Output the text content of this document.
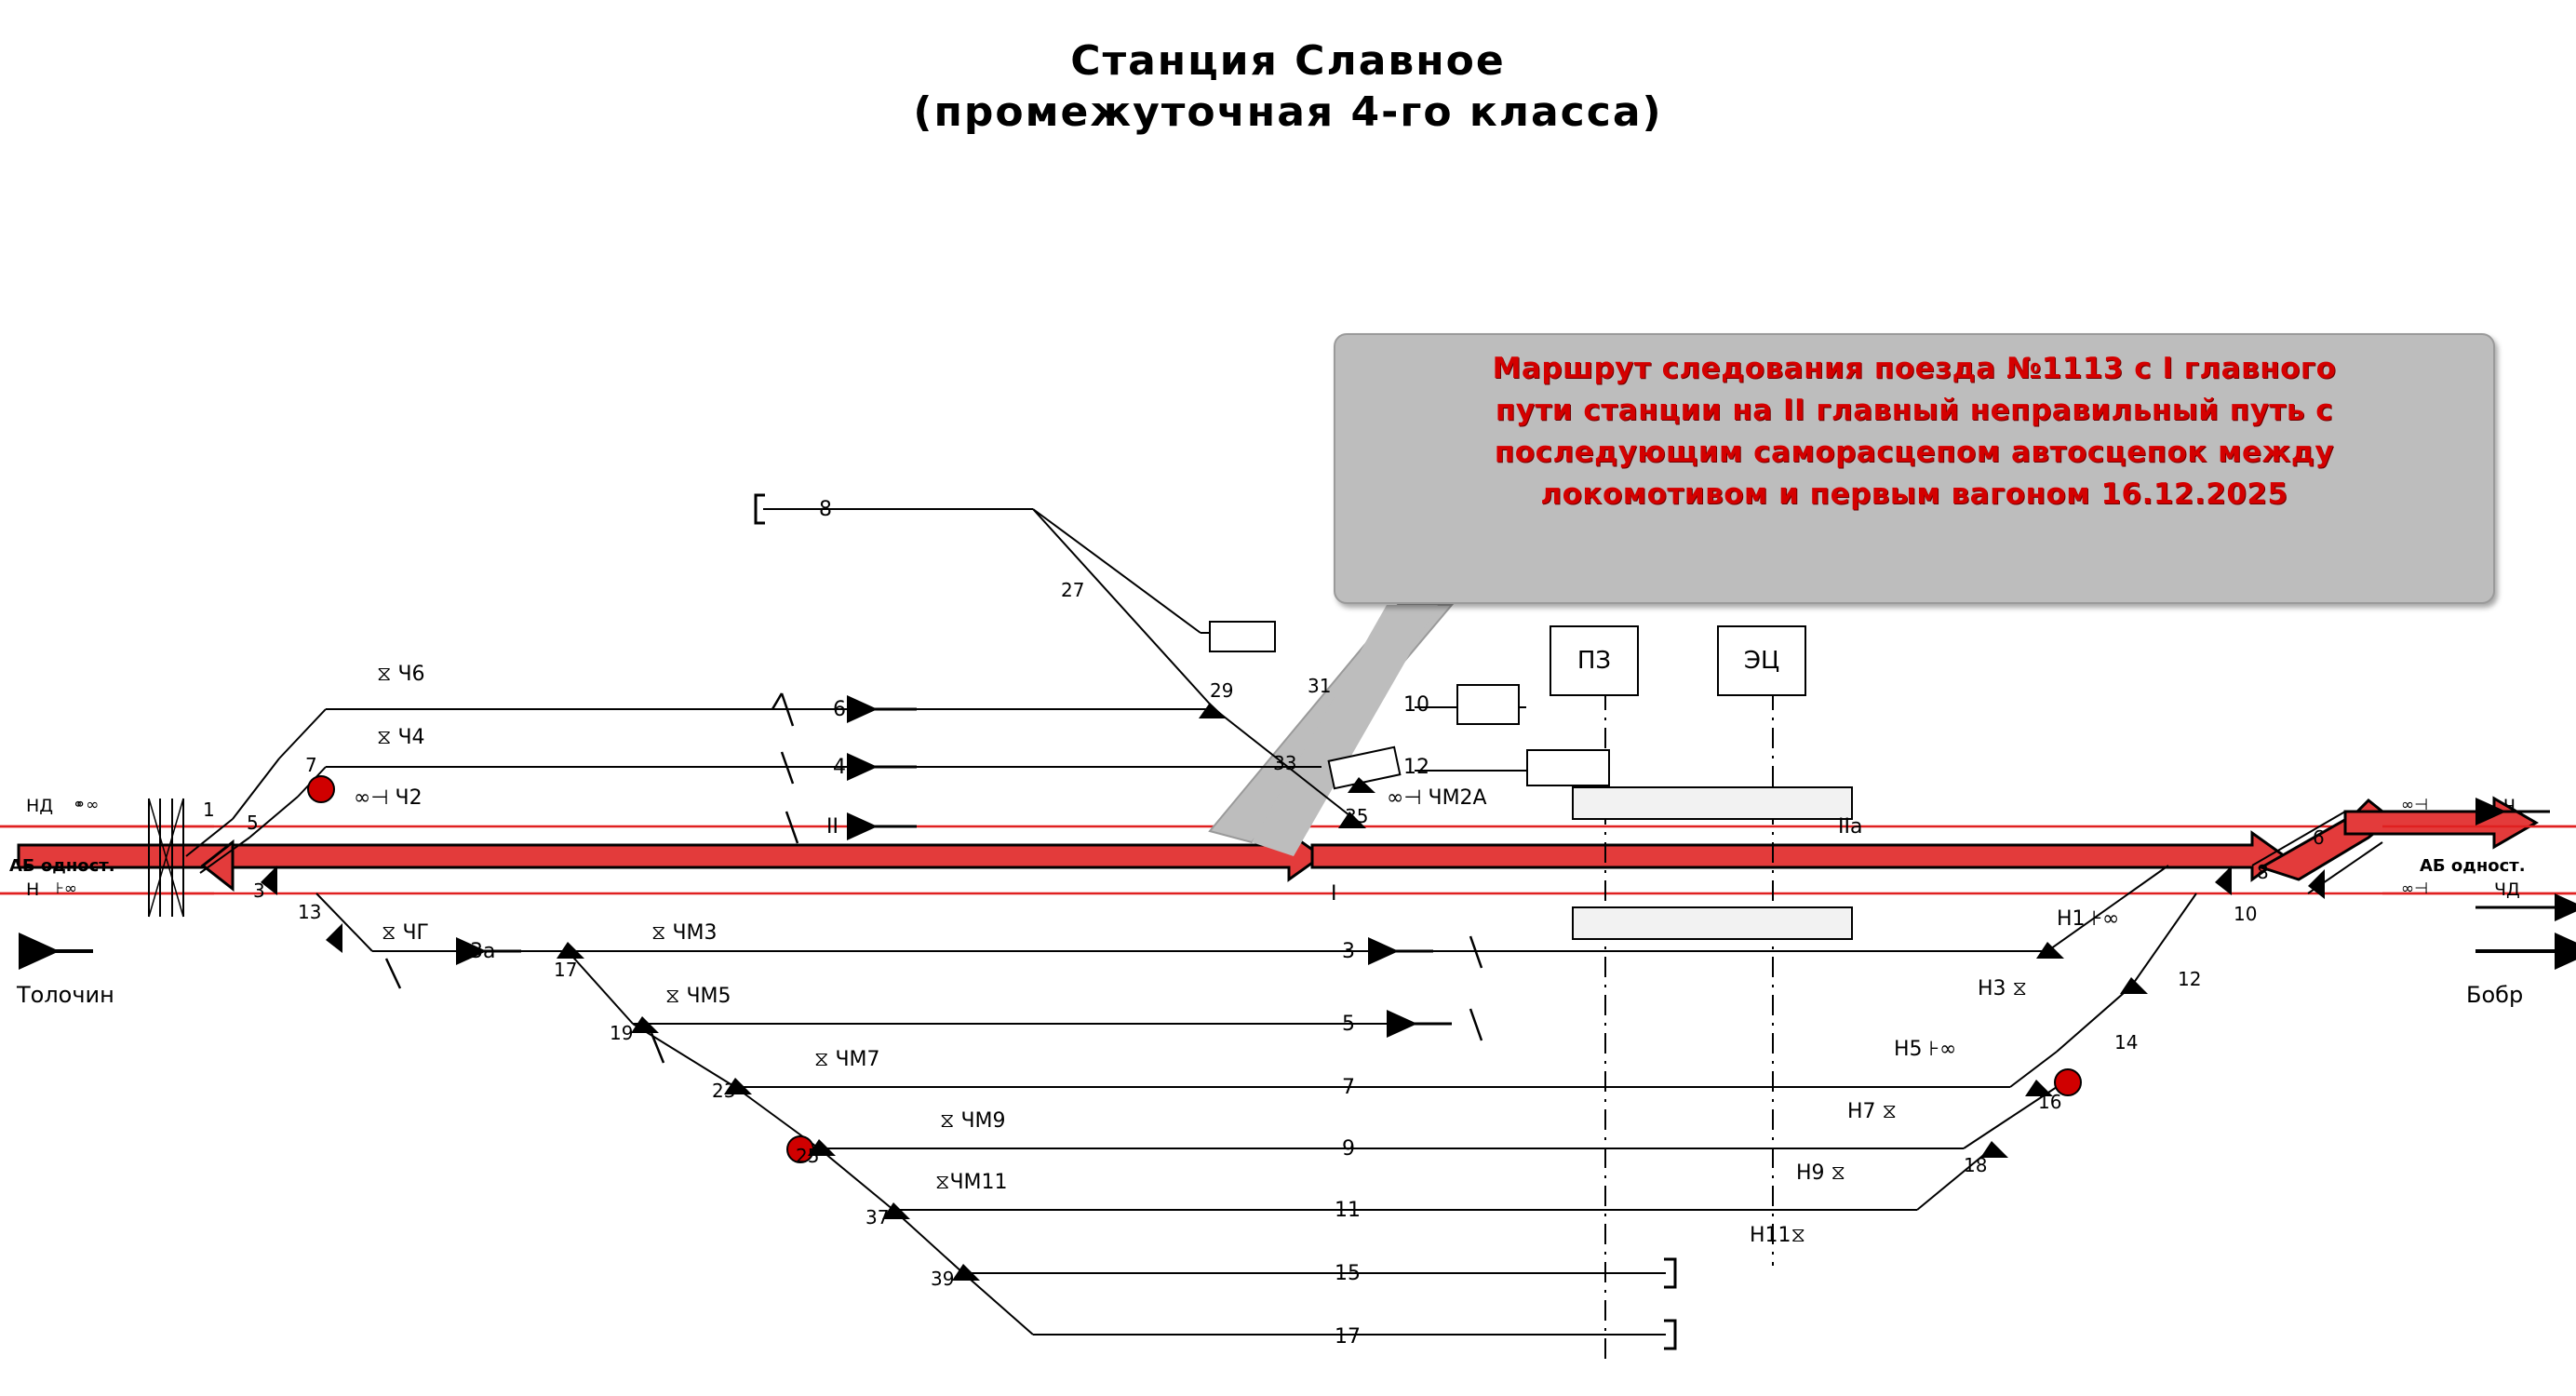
Станция Славное
(промежуточная 4-го класса)
НД ⚭∞
Н ⊦∞
АБ одност.
Толочин
∞⊣	Ч
∞⊣	ЧД
АБ одност.
Бобр
8
6
4
II
I
3
5
7
9
11
15
17
3а
IIа
⧖ Ч6
⧖ Ч4
∞⊣ Ч2
⧖ ЧГ	⧖ ЧМ3
⧖ ЧМ5
⧖ ЧМ7
⧖ ЧМ9
⧖ЧМ11
∞⊣ ЧМ2А
Н1 ⊦∞
Н3 ⧖
Н5 ⊦∞
Н7 ⧖
Н9 ⧖
Н11⧖
1
5
7
3
13
17
19
23
25
37
39
27
29	31
33
35
6
8
10
12
14
16
18
ПЗ	ЭЦ
10
12
Маршрут следования поезда №1113 с I главного
пути станции на II главный неправильный путь с
последующим саморасцепом автосцепок между
локомотивом и первым вагоном 16.12.2025
